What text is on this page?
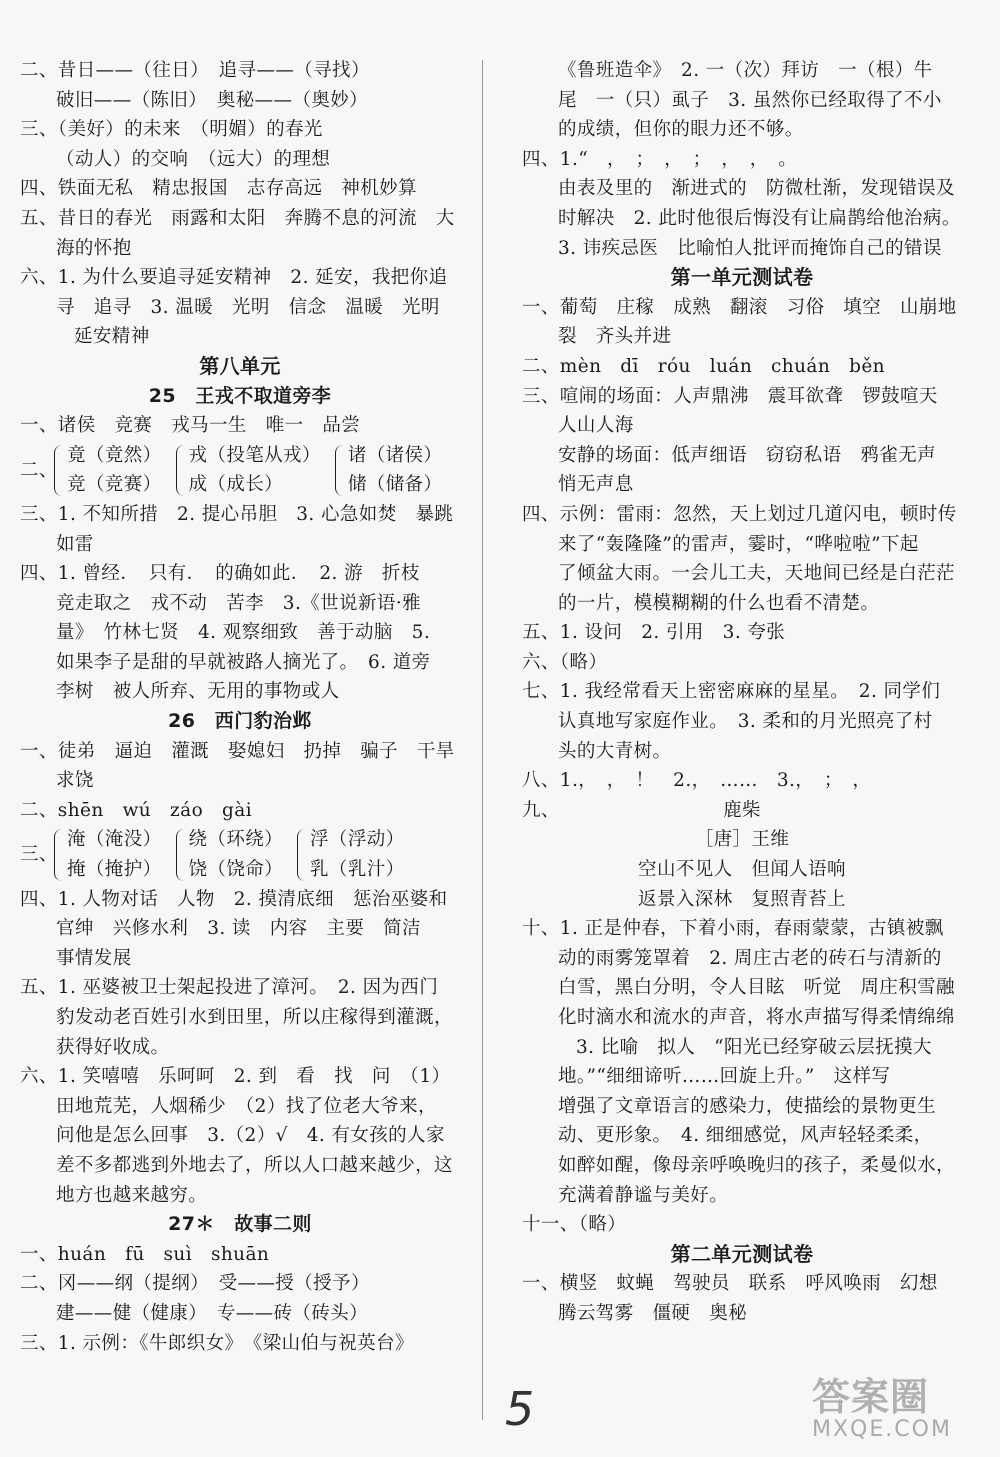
二、昔日——（往日）　追寻——（寻找）
破旧——（陈旧）　奥秘——（奥妙）
三、（美好）的未来　（明媚）的春光
（动人）的交响　（远大）的理想
四、铁面无私　精忠报国　志存高远　神机妙算
五、昔日的春光　雨露和太阳　奔腾不息的河流　大
海的怀抱
六、1. 为什么要追寻延安精神　2. 延安，我把你追
寻　追寻　3. 温暖　光明　信念　温暖　光明
延安精神
第八单元
25　王戎不取道旁李
一、诸侯　竞赛　戎马一生　唯一　品尝
二、
竟（竟然）
竞（竞赛）
戎（投笔从戎）
成（成长）
诸（诸侯）
储（储备）
三、1. 不知所措　2. 提心吊胆　3. 心急如焚　暴跳
如雷
四、1. 曾经．　只有．　的确如此．　2. 游　折枝
竞走取之　戎不动　苦李　3.《世说新语·雅
量》　竹林七贤　4. 观察细致　善于动脑　5.
如果李子是甜的早就被路人摘光了。　6. 道旁
李树　被人所弃、无用的事物或人
26　西门豹治邺
一、徒弟　逼迫　灌溉　娶媳妇　扔掉　骗子　干旱
求饶
二、shēn　wú　záo　gài
三、
淹（淹没）
掩（掩护）
绕（环绕）
饶（饶命）
浮（浮动）
乳（乳汁）
四、1. 人物对话　人物　2. 摸清底细　惩治巫婆和
官绅　兴修水利　3. 读　内容　主要　简洁
事情发展
五、1. 巫婆被卫士架起投进了漳河。　2. 因为西门
豹发动老百姓引水到田里，所以庄稼得到灌溉，
获得好收成。
六、1. 笑嘻嘻　乐呵呵　2. 到　看　找　问　（1）
田地荒芜，人烟稀少　（2）找了位老大爷来，
问他是怎么回事　3.（2）√　4. 有女孩的人家
差不多都逃到外地去了，所以人口越来越少，这
地方也越来越穷。
27＊　故事二则
一、huán　fū　suì　shuān
二、冈——纲（提纲）　受——授（授予）
建——健（健康）　专——砖（砖头）
三、1. 示例：《牛郎织女》　《梁山伯与祝英台》
《鲁班造伞》　2. 一（次）拜访　一（根）牛
尾　一（只）虱子　3. 虽然你已经取得了不小
的成绩，但你的眼力还不够。
四、1.“　，　；　，　；　，　，　。
由表及里的　渐进式的　防微杜渐，发现错误及
时解决　2. 此时他很后悔没有让扁鹊给他治病。
3. 讳疾忌医　比喻怕人批评而掩饰自己的错误
第一单元测试卷
一、葡萄　庄稼　成熟　翻滚　习俗　填空　山崩地
裂　齐头并进
二、mèn　dī　róu　luán　chuán　běn
三、喧闹的场面：人声鼎沸　震耳欲聋　锣鼓喧天
人山人海
安静的场面：低声细语　窃窃私语　鸦雀无声
悄无声息
四、示例：雷雨：忽然，天上划过几道闪电，顿时传
来了“轰隆隆”的雷声，霎时，“哗啦啦”下起
了倾盆大雨。一会儿工夫，天地间已经是白茫茫
的一片，模模糊糊的什么也看不清楚。
五、1. 设问　2. 引用　3. 夸张
六、（略）
七、1. 我经常看天上密密麻麻的星星。　2. 同学们
认真地写家庭作业。　3. 柔和的月光照亮了村
头的大青树。
八、1.，　，　！　2.，　……　3.，　；　，
九、	鹿柴
［唐］王维
空山不见人　但闻人语响
返景入深林　复照青苔上
十、1. 正是仲春，下着小雨，春雨蒙蒙，古镇被飘
动的雨雾笼罩着　2. 周庄古老的砖石与清新的
白雪，黑白分明，令人目眩　听觉　周庄积雪融
化时滴水和流水的声音，将水声描写得柔情绵绵
3. 比喻　拟人　“阳光已经穿破云层抚摸大
地。”“细细谛听……回旋上升。”　这样写
增强了文章语言的感染力，使描绘的景物更生
动、更形象。　4. 细细感觉，风声轻轻柔柔，
如醉如醒，像母亲呼唤晚归的孩子，柔曼似水，
充满着静谧与美好。
十一、（略）
第二单元测试卷
一、横竖　蚊蝇　驾驶员　联系　呼风唤雨　幻想
腾云驾雾　僵硬　奥秘
5	答案圈
MXQE.COM
